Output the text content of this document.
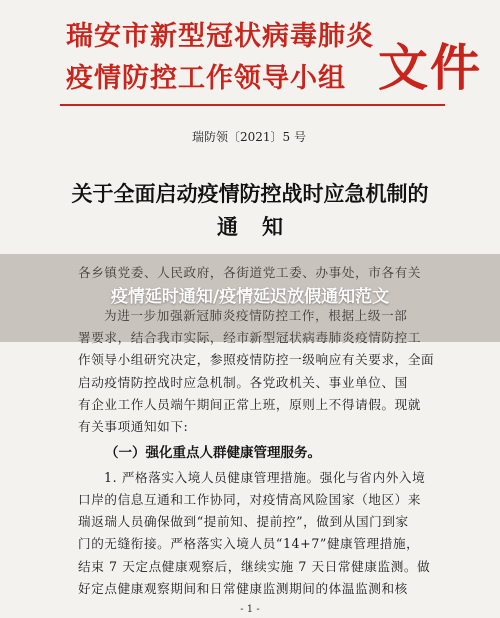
瑞安市新型冠状病毒肺炎
疫情防控工作领导小组 文件
瑞防领〔2021〕5 号
关于全面启动疫情防控战时应急机制的
通知
各乡镇党委、人民政府，各街道党工委、办事处，市各有关
为进一步加强新冠肺炎疫情防控工作，根据上级一部
署要求，结合我市实际，经市新型冠状病毒肺炎疫情防控工
作领导小组研究决定，参照疫情防控一级响应有关要求，全面
启动疫情防控战时应急机制。各党政机关、事业单位、国
有企业工作人员端午期间正常上班，原则上不得请假。现就
有关事项通知如下:
（一）强化重点人群健康管理服务。
1. 严格落实入境人员健康管理措施。强化与省内外入境
口岸的信息互通和工作协同，对疫情高风险国家（地区）来
瑞返瑞人员确保做到“提前知、提前控”，做到从国门到家
门的无缝衔接。严格落实入境人员“14+7”健康管理措施，
结束 7 天定点健康观察后，继续实施 7 天日常健康监测。做
好定点健康观察期间和日常健康监测期间的体温监测和核
- 1 -
疫情延时通知/疫情延迟放假通知范文
